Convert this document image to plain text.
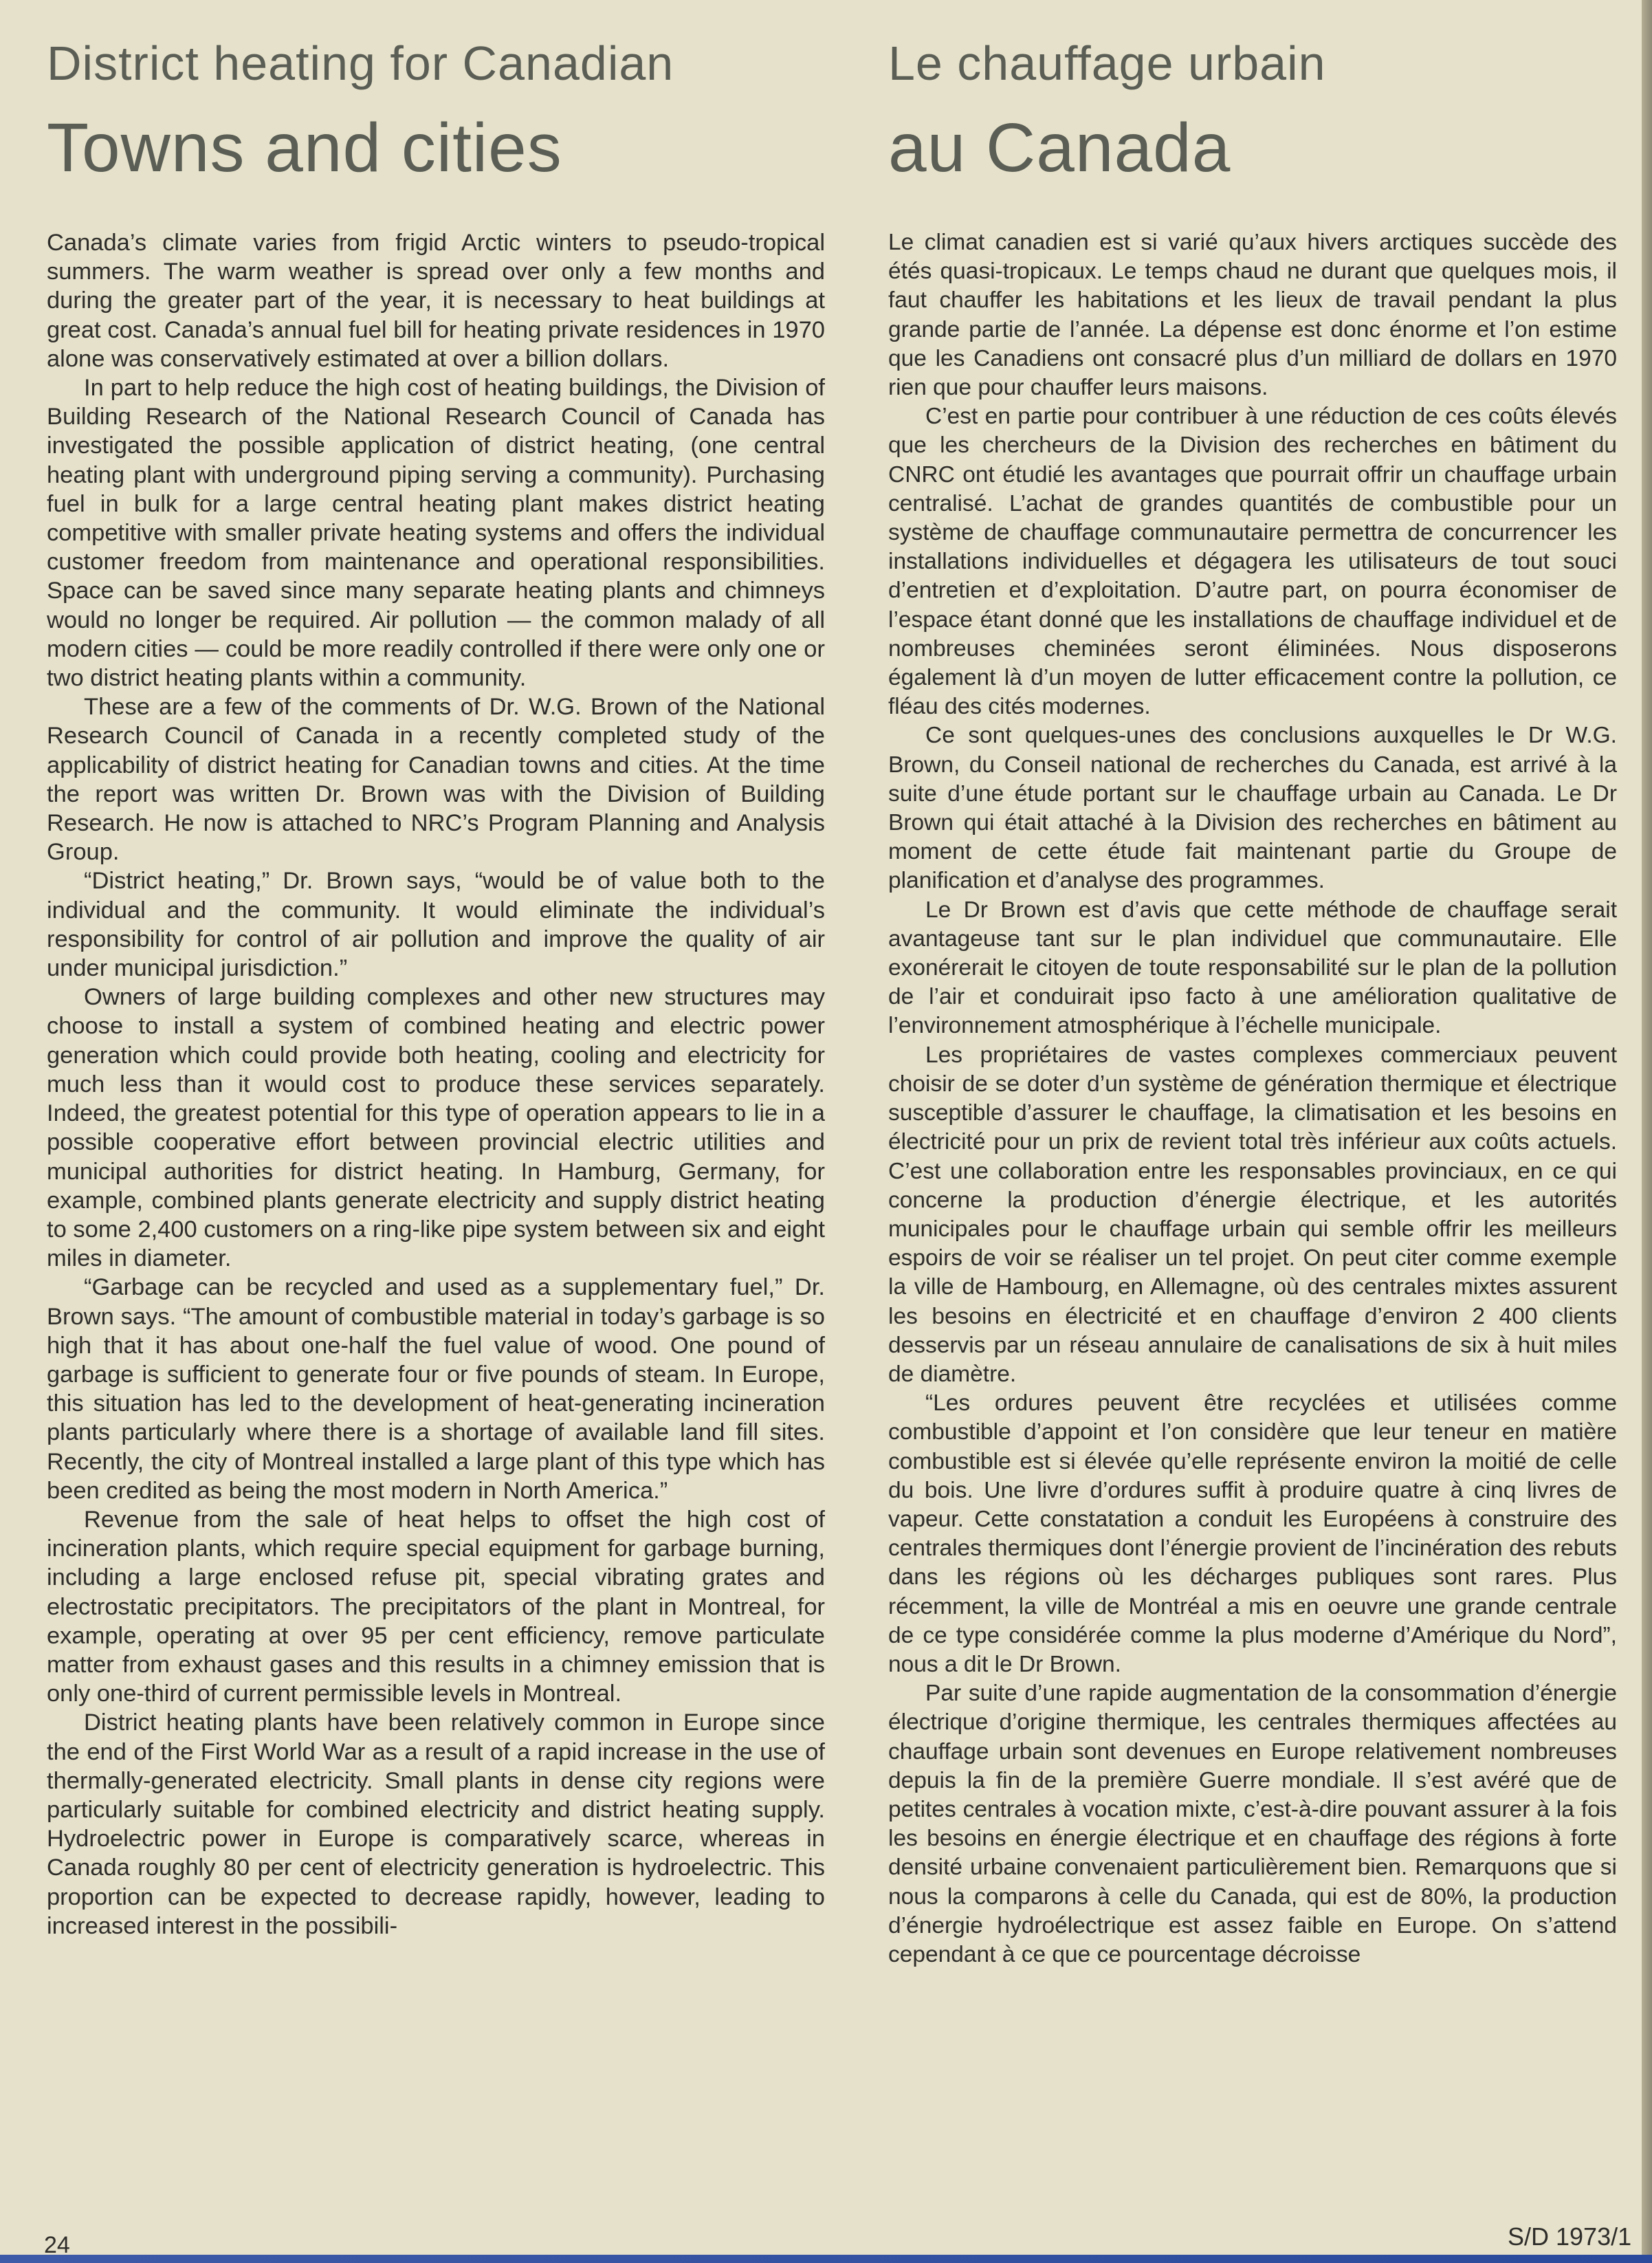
District heating for Canadian
Towns and cities

Canada’s climate varies from frigid Arctic winters to pseudo-tropical summers. The warm weather is spread over only a few months and during the greater part of the year, it is necessary to heat buildings at great cost. Canada’s annual fuel bill for heating private residences in 1970 alone was conservatively estimated at over a billion dollars.

In part to help reduce the high cost of heating buildings, the Division of Building Research of the National Research Council of Canada has investigated the possible application of district heating, (one central heating plant with underground piping serving a community). Purchasing fuel in bulk for a large central heating plant makes district heating competitive with smaller private heating systems and offers the individual customer freedom from maintenance and operational responsibilities. Space can be saved since many separate heating plants and chimneys would no longer be required. Air pollution — the common malady of all modern cities — could be more readily controlled if there were only one or two district heating plants within a community.

These are a few of the comments of Dr. W.G. Brown of the National Research Council of Canada in a recently completed study of the applicability of district heating for Canadian towns and cities. At the time the report was written Dr. Brown was with the Division of Building Research. He now is attached to NRC’s Program Planning and Analysis Group.

“District heating,” Dr. Brown says, “would be of value both to the individual and the community. It would eliminate the individual’s responsibility for control of air pollution and improve the quality of air under municipal jurisdiction.”

Owners of large building complexes and other new structures may choose to install a system of combined heating and electric power generation which could provide both heating, cooling and electricity for much less than it would cost to produce these services separately. Indeed, the greatest potential for this type of operation appears to lie in a possible cooperative effort between provincial electric utilities and municipal authorities for district heating. In Hamburg, Germany, for example, combined plants generate electricity and supply district heating to some 2,400 customers on a ring-like pipe system between six and eight miles in diameter.

“Garbage can be recycled and used as a supplementary fuel,” Dr. Brown says. “The amount of combustible material in today’s garbage is so high that it has about one-half the fuel value of wood. One pound of garbage is sufficient to generate four or five pounds of steam. In Europe, this situation has led to the development of heat-generating incineration plants particularly where there is a shortage of available land fill sites. Recently, the city of Montreal installed a large plant of this type which has been credited as being the most modern in North America.”

Revenue from the sale of heat helps to offset the high cost of incineration plants, which require special equipment for garbage burning, including a large enclosed refuse pit, special vibrating grates and electrostatic precipitators. The precipitators of the plant in Montreal, for example, operating at over 95 per cent efficiency, remove particulate matter from exhaust gases and this results in a chimney emission that is only one-third of current permissible levels in Montreal.

District heating plants have been relatively common in Europe since the end of the First World War as a result of a rapid increase in the use of thermally-generated electricity. Small plants in dense city regions were particularly suitable for combined electricity and district heating supply. Hydroelectric power in Europe is comparatively scarce, whereas in Canada roughly 80 per cent of electricity generation is hydroelectric. This proportion can be expected to decrease rapidly, however, leading to increased interest in the possibili-

Le chauffage urbain
au Canada

Le climat canadien est si varié qu’aux hivers arctiques succède des étés quasi-tropicaux. Le temps chaud ne durant que quelques mois, il faut chauffer les habitations et les lieux de travail pendant la plus grande partie de l’année. La dépense est donc énorme et l’on estime que les Canadiens ont consacré plus d’un milliard de dollars en 1970 rien que pour chauffer leurs maisons.

C’est en partie pour contribuer à une réduction de ces coûts élevés que les chercheurs de la Division des recherches en bâtiment du CNRC ont étudié les avantages que pourrait offrir un chauffage urbain centralisé. L’achat de grandes quantités de combustible pour un système de chauffage communautaire permettra de concurrencer les installations individuelles et dégagera les utilisateurs de tout souci d’entretien et d’exploitation. D’autre part, on pourra économiser de l’espace étant donné que les installations de chauffage individuel et de nombreuses cheminées seront éliminées. Nous disposerons également là d’un moyen de lutter efficacement contre la pollution, ce fléau des cités modernes.

Ce sont quelques-unes des conclusions auxquelles le Dr W.G. Brown, du Conseil national de recherches du Canada, est arrivé à la suite d’une étude portant sur le chauffage urbain au Canada. Le Dr Brown qui était attaché à la Division des recherches en bâtiment au moment de cette étude fait maintenant partie du Groupe de planification et d’analyse des programmes.

Le Dr Brown est d’avis que cette méthode de chauffage serait avantageuse tant sur le plan individuel que communautaire. Elle exonérerait le citoyen de toute responsabilité sur le plan de la pollution de l’air et conduirait ipso facto à une amélioration qualitative de l’environnement atmosphérique à l’échelle municipale.

Les propriétaires de vastes complexes commerciaux peuvent choisir de se doter d’un système de génération thermique et électrique susceptible d’assurer le chauffage, la climatisation et les besoins en électricité pour un prix de revient total très inférieur aux coûts actuels. C’est une collaboration entre les responsables provinciaux, en ce qui concerne la production d’énergie électrique, et les autorités municipales pour le chauffage urbain qui semble offrir les meilleurs espoirs de voir se réaliser un tel projet. On peut citer comme exemple la ville de Hambourg, en Allemagne, où des centrales mixtes assurent les besoins en électricité et en chauffage d’environ 2 400 clients desservis par un réseau annulaire de canalisations de six à huit miles de diamètre.

“Les ordures peuvent être recyclées et utilisées comme combustible d’appoint et l’on considère que leur teneur en matière combustible est si élevée qu’elle représente environ la moitié de celle du bois. Une livre d’ordures suffit à produire quatre à cinq livres de vapeur. Cette constatation a conduit les Européens à construire des centrales thermiques dont l’énergie provient de l’incinération des rebuts dans les régions où les décharges publiques sont rares. Plus récemment, la ville de Montréal a mis en oeuvre une grande centrale de ce type considérée comme la plus moderne d’Amérique du Nord”, nous a dit le Dr Brown.

Par suite d’une rapide augmentation de la consommation d’énergie électrique d’origine thermique, les centrales thermiques affectées au chauffage urbain sont devenues en Europe relativement nombreuses depuis la fin de la première Guerre mondiale. Il s’est avéré que de petites centrales à vocation mixte, c’est-à-dire pouvant assurer à la fois les besoins en énergie électrique et en chauffage des régions à forte densité urbaine convenaient particulièrement bien. Remarquons que si nous la comparons à celle du Canada, qui est de 80%, la production d’énergie hydroélectrique est assez faible en Europe. On s’attend cependant à ce que ce pourcentage décroisse

24	S/D 1973/1
